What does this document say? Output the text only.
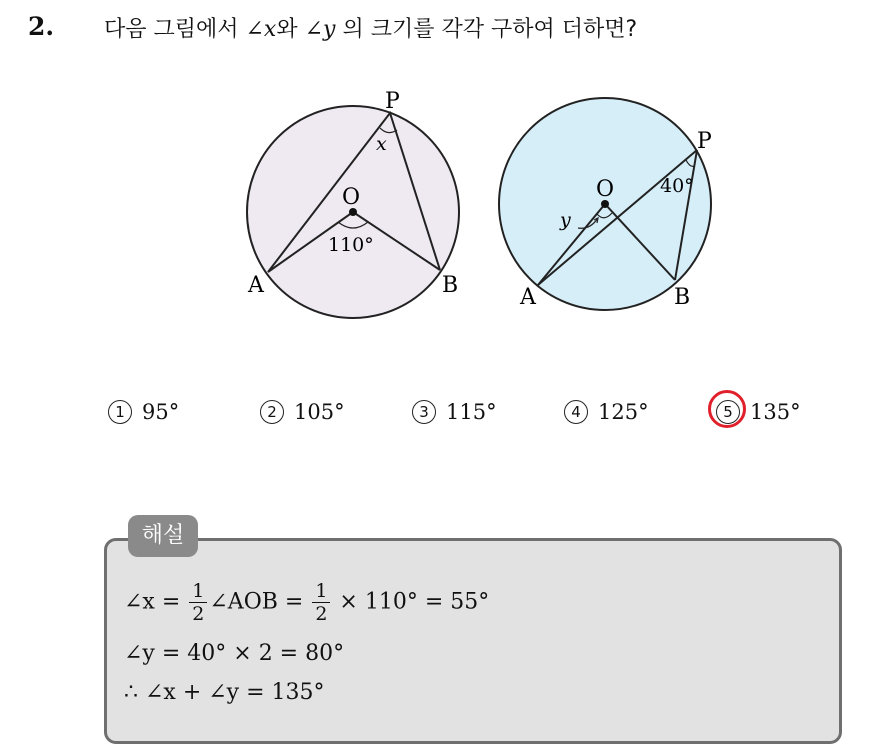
2. 다음 그림에서 ∠x와 ∠y 의 크기를 각각 구하여 더하면?
P
O
A	B
x
110°
P
O
A	B
y
40°
1 95°	2 105°	3 115°	4 125°	5 135°
해설
∠x = $\frac{1}{2}$ ∠AOB = $\frac{1}{2} \times 110^\circ = 55^\circ$
∠y = 40° × 2 = 80°
∴ ∠x + ∠y = 135°
